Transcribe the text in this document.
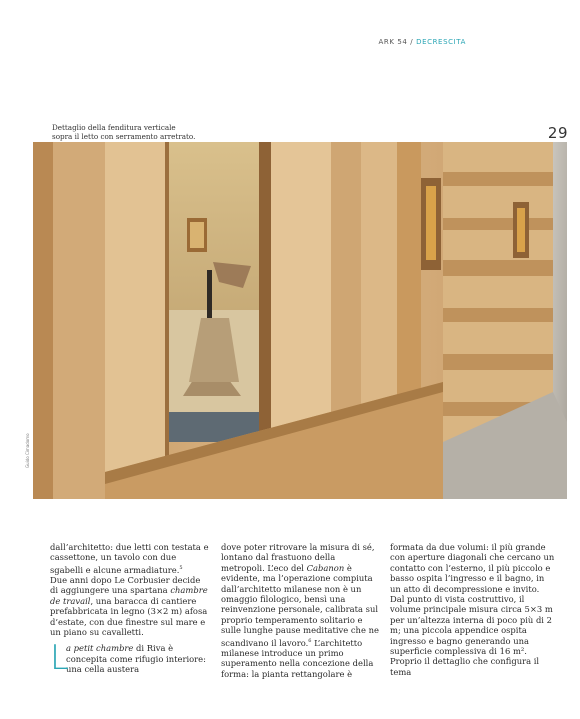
ARK 54 / DECRESCITA
Dettaglio della fenditura verticale
sopra il letto con serramento arretrato.	29
Guido Cimadomo

dall’architetto: due letti con testata e cassettone, un tavolo con due sgabelli e alcune armadiature.$^5$

Due anni dopo Le Corbusier decide di aggiungere una spartana chambre de travail, una baracca di cantiere prefabbricata in legno (3×2 m) afosa d’estate, con due finestre sul mare e un piano su cavalletti.

L
a petit chambre di Riva è concepita come rifugio interiore: una cella austera

dove poter ritrovare la misura di sé, lontano dal frastuono della metropoli. L’eco del Cabanon è evidente, ma l’operazione compiuta dall’architetto milanese non è un omaggio filologico, bensì una reinvenzione personale, calibrata sul proprio temperamento solitario e sulle lunghe pause meditative che ne scandivano il lavoro.$^6$ L’architetto milanese introduce un primo superamento nella concezione della forma: la pianta rettangolare è

formata da due volumi: il più grande con aperture diagonali che cercano un contatto con l’esterno, il più piccolo e basso ospita l’ingresso e il bagno, in un atto di decompressione e invito. Dal punto di vista costruttivo, il volume principale misura circa 5×3 m per un’altezza interna di poco più di 2 m; una piccola appendice ospita ingresso e bagno generando una superficie complessiva di 16 m². Proprio il dettaglio che configura il tema
